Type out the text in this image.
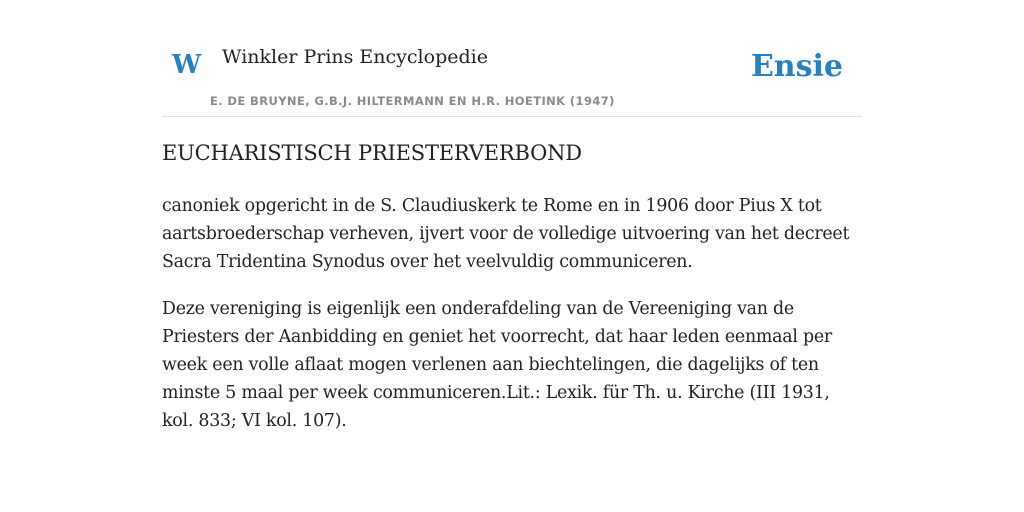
W Winkler Prins Encyclopedie
E. DE BRUYNE, G.B.J. HILTERMANN EN H.R. HOETINK (1947)
Ensie
EUCHARISTISCH PRIESTERVERBOND

canoniek opgericht in de S. Claudiuskerk te Rome en in 1906 door Pius X tot aartsbroederschap verheven, ijvert voor de volledige uitvoering van het decreet Sacra Tridentina Synodus over het veelvuldig communiceren.

Deze vereniging is eigenlijk een onderafdeling van de Vereeniging van de Priesters der Aanbidding en geniet het voorrecht, dat haar leden eenmaal per week een volle aflaat mogen verlenen aan biechtelingen, die dagelijks of ten minste 5 maal per week communiceren.Lit.: Lexik. für Th. u. Kirche (III 1931, kol. 833; VI kol. 107).
